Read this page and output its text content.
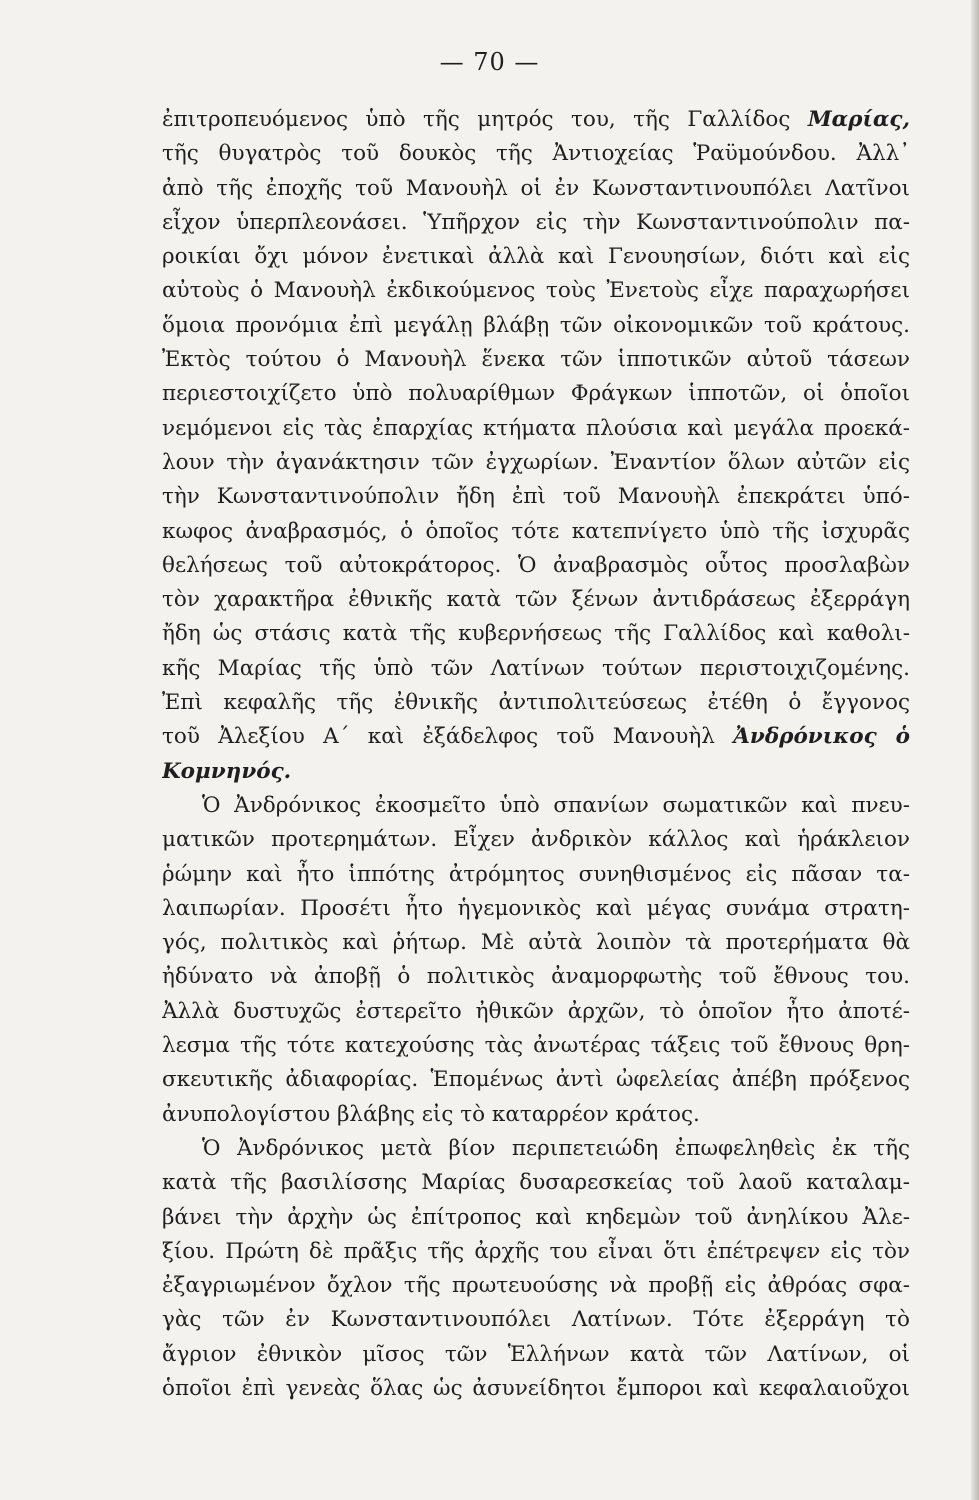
— 70 —
ἐπιτροπευόμενος ὑπὸ τῆς μητρός του, τῆς Γαλλίδος Μαρίας,
τῆς θυγατρὸς τοῦ δουκὸς τῆς Ἀντιοχείας Ῥαϋμούνδου. Ἀλλ᾿
ἀπὸ τῆς ἐποχῆς τοῦ Μανουὴλ οἱ ἐν Κωνσταντινουπόλει Λατῖνοι
εἶχον ὑπερπλεονάσει. Ὑπῆρχον εἰς τὴν Κωνσταντινούπολιν πα-
ροικίαι ὄχι μόνον ἐνετικαὶ ἀλλὰ καὶ Γενουησίων, διότι καὶ εἰς
αὐτοὺς ὁ Μανουὴλ ἐκδικούμενος τοὺς Ἐνετοὺς εἶχε παραχωρήσει
ὅμοια προνόμια ἐπὶ μεγάλῃ βλάβῃ τῶν οἰκονομικῶν τοῦ κράτους.
Ἐκτὸς τούτου ὁ Μανουὴλ ἕνεκα τῶν ἱπποτικῶν αὐτοῦ τάσεων
περιεστοιχίζετο ὑπὸ πολυαρίθμων Φράγκων ἱπποτῶν, οἱ ὁποῖοι
νεμόμενοι εἰς τὰς ἐπαρχίας κτήματα πλούσια καὶ μεγάλα προεκά-
λουν τὴν ἀγανάκτησιν τῶν ἐγχωρίων. Ἐναντίον ὅλων αὐτῶν εἰς
τὴν Κωνσταντινούπολιν ἤδη ἐπὶ τοῦ Μανουὴλ ἐπεκράτει ὑπό-
κωφος ἀναβρασμός, ὁ ὁποῖος τότε κατεπνίγετο ὑπὸ τῆς ἰσχυρᾶς
θελήσεως τοῦ αὐτοκράτορος. Ὁ ἀναβρασμὸς οὗτος προσλαβὼν
τὸν χαρακτῆρα ἐθνικῆς κατὰ τῶν ξένων ἀντιδράσεως ἐξερράγη
ἤδη ὡς στάσις κατὰ τῆς κυβερνήσεως τῆς Γαλλίδος καὶ καθολι-
κῆς Μαρίας τῆς ὑπὸ τῶν Λατίνων τούτων περιστοιχιζομένης.
Ἐπὶ κεφαλῆς τῆς ἐθνικῆς ἀντιπολιτεύσεως ἐτέθη ὁ ἔγγονος
τοῦ Ἀλεξίου Α΄ καὶ ἐξάδελφος τοῦ Μανουὴλ Ἀνδρόνικος ὁ
Κομνηνός.
Ὁ Ἀνδρόνικος ἐκοσμεῖτο ὑπὸ σπανίων σωματικῶν καὶ πνευ-
ματικῶν προτερημάτων. Εἶχεν ἀνδρικὸν κάλλος καὶ ἡράκλειον
ῥώμην καὶ ἦτο ἱππότης ἀτρόμητος συνηθισμένος εἰς πᾶσαν τα-
λαιπωρίαν. Προσέτι ἦτο ἡγεμονικὸς καὶ μέγας συνάμα στρατη-
γός, πολιτικὸς καὶ ῥήτωρ. Μὲ αὐτὰ λοιπὸν τὰ προτερήματα θὰ
ἠδύνατο νὰ ἀποβῇ ὁ πολιτικὸς ἀναμορφωτὴς τοῦ ἔθνους του.
Ἀλλὰ δυστυχῶς ἐστερεῖτο ἠθικῶν ἀρχῶν, τὸ ὁποῖον ἦτο ἀποτέ-
λεσμα τῆς τότε κατεχούσης τὰς ἀνωτέρας τάξεις τοῦ ἔθνους θρη-
σκευτικῆς ἀδιαφορίας. Ἑπομένως ἀντὶ ὠφελείας ἀπέβη πρόξενος
ἀνυπολογίστου βλάβης εἰς τὸ καταρρέον κράτος.
Ὁ Ἀνδρόνικος μετὰ βίον περιπετειώδη ἐπωφεληθεὶς ἐκ τῆς
κατὰ τῆς βασιλίσσης Μαρίας δυσαρεσκείας τοῦ λαοῦ καταλαμ-
βάνει τὴν ἀρχὴν ὡς ἐπίτροπος καὶ κηδεμὼν τοῦ ἀνηλίκου Ἀλε-
ξίου. Πρώτη δὲ πρᾶξις τῆς ἀρχῆς του εἶναι ὅτι ἐπέτρεψεν εἰς τὸν
ἐξαγριωμένον ὄχλον τῆς πρωτευούσης νὰ προβῇ εἰς ἀθρόας σφα-
γὰς τῶν ἐν Κωνσταντινουπόλει Λατίνων. Τότε ἐξερράγη τὸ
ἄγριον ἐθνικὸν μῖσος τῶν Ἑλλήνων κατὰ τῶν Λατίνων, οἱ
ὁποῖοι ἐπὶ γενεὰς ὅλας ὡς ἀσυνείδητοι ἔμποροι καὶ κεφαλαιοῦχοι
